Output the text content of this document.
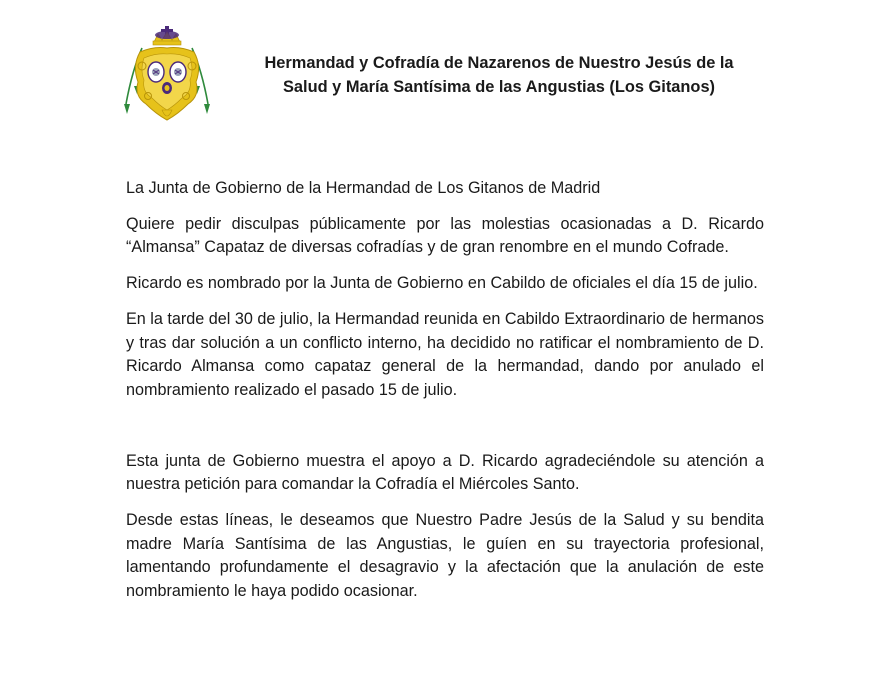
Hermandad y Cofradía de Nazarenos de Nuestro Jesús de la Salud y María Santísima de las Angustias (Los Gitanos)

La Junta de Gobierno de la Hermandad de Los Gitanos de Madrid

Quiere pedir disculpas públicamente por las molestias ocasionadas a D. Ricardo “Almansa” Capataz de diversas cofradías y de gran renombre en el mundo Cofrade.

Ricardo es nombrado por la Junta de Gobierno en Cabildo de oficiales el día 15 de julio.

En la tarde del 30 de julio, la Hermandad reunida en Cabildo Extraordinario de hermanos y tras dar solución a un conflicto interno, ha decidido no ratificar el nombramiento de D. Ricardo Almansa como capataz general de la hermandad, dando por anulado el nombramiento realizado el pasado 15 de julio.

Esta junta de Gobierno muestra el apoyo a D. Ricardo agradeciéndole su atención a nuestra petición para comandar la Cofradía el Miércoles Santo.

Desde estas líneas, le deseamos que Nuestro Padre Jesús de la Salud y su bendita madre María Santísima de las Angustias, le guíen en su trayectoria profesional, lamentando profundamente el desagravio y la afectación que la anulación de este nombramiento le haya podido ocasionar.
